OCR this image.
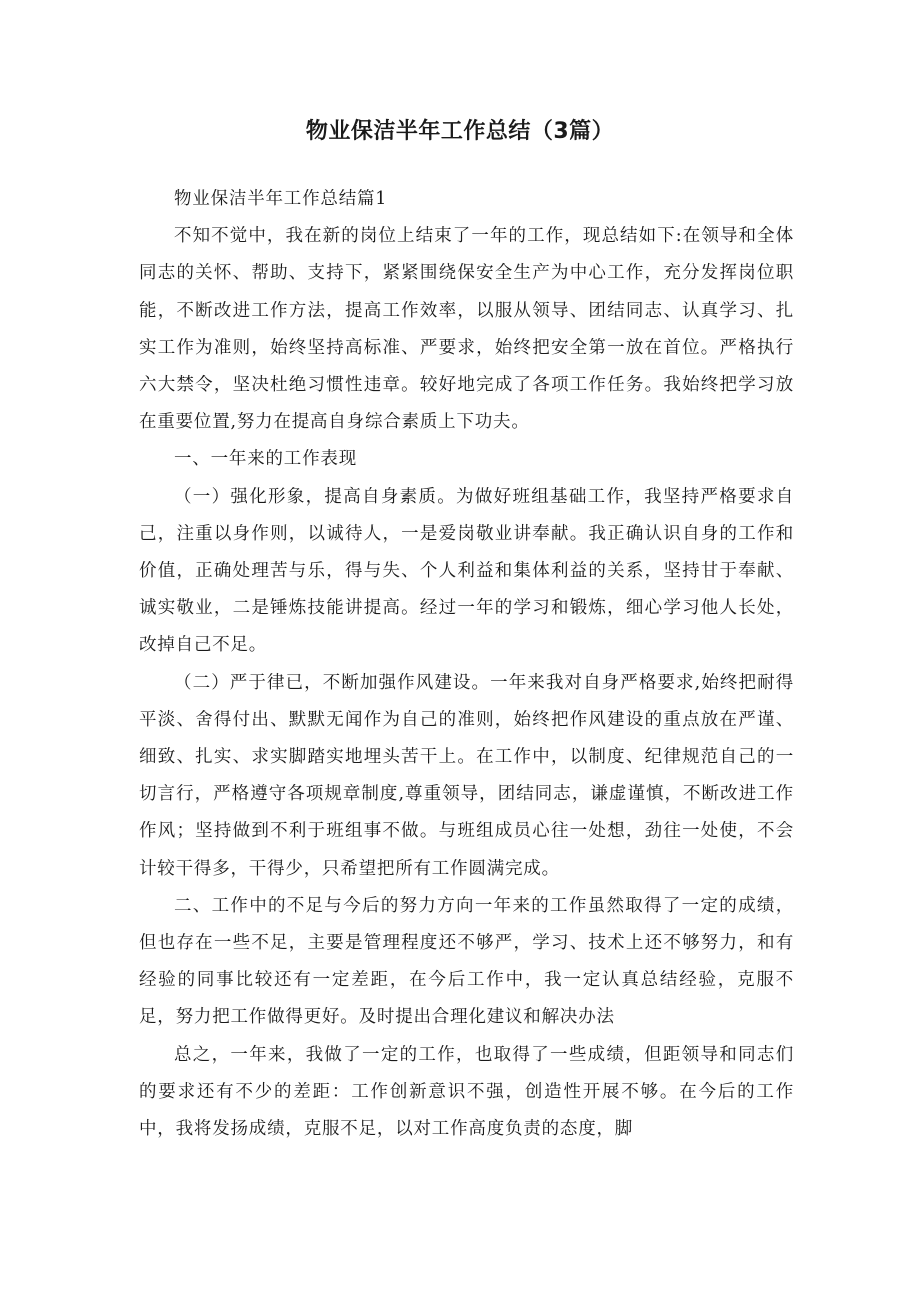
物业保洁半年工作总结（3篇）

物业保洁半年工作总结篇1

不知不觉中，我在新的岗位上结束了一年的工作，现总结如下:在领导和全体同志的关怀、帮助、支持下，紧紧围绕保安全生产为中心工作，充分发挥岗位职能，不断改进工作方法，提高工作效率，以服从领导、团结同志、认真学习、扎实工作为准则，始终坚持高标准、严要求，始终把安全第一放在首位。严格执行六大禁令，坚决杜绝习惯性违章。较好地完成了各项工作任务。我始终把学习放在重要位置,努力在提高自身综合素质上下功夫。

一、一年来的工作表现

（一）强化形象，提高自身素质。为做好班组基础工作，我坚持严格要求自己，注重以身作则，以诚待人，一是爱岗敬业讲奉献。我正确认识自身的工作和价值，正确处理苦与乐，得与失、个人利益和集体利益的关系，坚持甘于奉献、诚实敬业，二是锤炼技能讲提高。经过一年的学习和锻炼，细心学习他人长处，改掉自己不足。

（二）严于律已，不断加强作风建设。一年来我对自身严格要求,始终把耐得平淡、舍得付出、默默无闻作为自己的准则，始终把作风建设的重点放在严谨、细致、扎实、求实脚踏实地埋头苦干上。在工作中，以制度、纪律规范自己的一切言行，严格遵守各项规章制度,尊重领导，团结同志，谦虚谨慎，不断改进工作作风；坚持做到不利于班组事不做。与班组成员心往一处想，劲往一处使，不会计较干得多，干得少，只希望把所有工作圆满完成。

二、工作中的不足与今后的努力方向一年来的工作虽然取得了一定的成绩，但也存在一些不足，主要是管理程度还不够严，学习、技术上还不够努力，和有经验的同事比较还有一定差距，在今后工作中，我一定认真总结经验，克服不足，努力把工作做得更好。及时提出合理化建议和解决办法

总之，一年来，我做了一定的工作，也取得了一些成绩，但距领导和同志们的要求还有不少的差距：工作创新意识不强，创造性开展不够。在今后的工作中，我将发扬成绩，克服不足，以对工作高度负责的态度，脚
